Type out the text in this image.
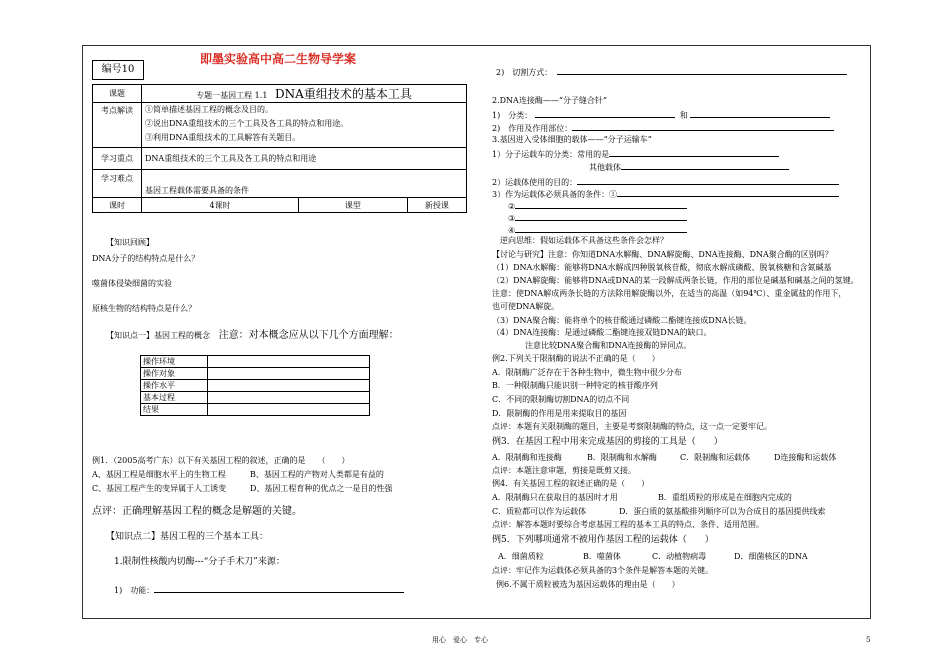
编号10
即墨实验高中高二生物导学案
课题	专题一基因工程 1.1 DNA重组技术的基本工具		
考点解读	①简单描述基因工程的概念及目的。
②说出DNA重组技术的三个工具及各工具的特点和用途。
③利用DNA重组技术的工具解答有关题目。		

学习重点	DNA重组技术的三个工具及各工具的特点和用途		
学习难点	基因工程载体需要具备的条件		
课时	4课时	课型	新授课
【知识回顾】
DNA分子的结构特点是什么？
噬菌体侵染细菌的实验
原核生物的结构特点是什么？
【知识点一】基因工程的概念 注意：对本概念应从以下几个方面理解：
操作环境	
操作对象	
操作水平	
基本过程	
结果	
例1．（2005高考广东）以下有关基因工程的叙述，正确的是　　（　　）
A、基因工程是细胞水平上的生物工程	B、基因工程的产物对人类都是有益的
C、基因工程产生的变异属于人工诱变	D、基因工程育种的优点之一是目的性强
点评：正确理解基因工程的概念是解题的关键。
【知识点二】基因工程的三个基本工具：
1.限制性核酸内切酶---“分子手术刀”来源：
1)　功能：
2)　切割方式：
2.DNA连接酶——“分子缝合针”
1)　分类：	和
2)　作用及作用部位：
3.基因进入受体细胞的载体——“分子运输车”
1）分子运载车的分类：常用的是
其他载体
2）运载体使用的目的：
3）作为运载体必须具备的条件：①
②
③
④
逆向思维：假如运载体不具备这些条件会怎样？
【讨论与研究】注意：你知道DNA水解酶、DNA解旋酶、DNA连接酶、DNA聚合酶的区别吗？
（1）DNA水解酶：能够将DNA水解成四种脱氧核苷酸，彻底水解成磷酸、脱氧核糖和含氮碱基
（2）DNA解旋酶：能够将DNA或DNA的某一段解成两条长链，作用的部位是碱基和碱基之间的氢键。
注意：使DNA解成两条长链的方法除用解旋酶以外，在适当的高温（如94℃）、重金属盐的作用下，
也可使DNA解旋。
（3）DNA聚合酶：能将单个的核苷酸通过磷酸二酯键连接成DNA长链。
（4）DNA连接酶：是通过磷酸二酯键连接双链DNA的缺口。
注意比较DNA聚合酶和DNA连接酶的异同点。
例2.下列关于限制酶的说法不正确的是（　　）
A．限制酶广泛存在于各种生物中，微生物中很少分布
B．一种限制酶只能识别一种特定的核苷酸序列
C．不同的限制酶切割DNA的切点不同
D．限制酶的作用是用来提取目的基因
点评：本题有关限制酶的题目，主要是考察限制酶的特点，这一点一定要牢记。
例3．在基因工程中用来完成基因的剪接的工具是（　　）
A．限制酶和连接酶	B．限制酶和水解酶	C．限制酶和运载体	D连接酶和运载体
点评：本题注意审题，剪接是既剪又接。
例4．有关基因工程的叙述正确的是（　　）
A．限制酶只在获取目的基因时才用	B．重组质粒的形成是在细胞内完成的
C．质粒都可以作为运载体	D．蛋白质的氨基酸排列顺序可以为合成目的基因提供线索
点评：解答本题时要综合考虑基因工程的基本工具的特点、条件、适用范围。
例5．下列哪项通常不被用作基因工程的运载体（　　）
A．细菌质粒	B．噬菌体	C．动植物病毒	D．细菌核区的DNA
点评：牢记作为运载体必须具备的3个条件是解答本题的关键。
例6.不属于质粒被选为基因运载体的理由是（　　）
用心　爱心　专心	5
